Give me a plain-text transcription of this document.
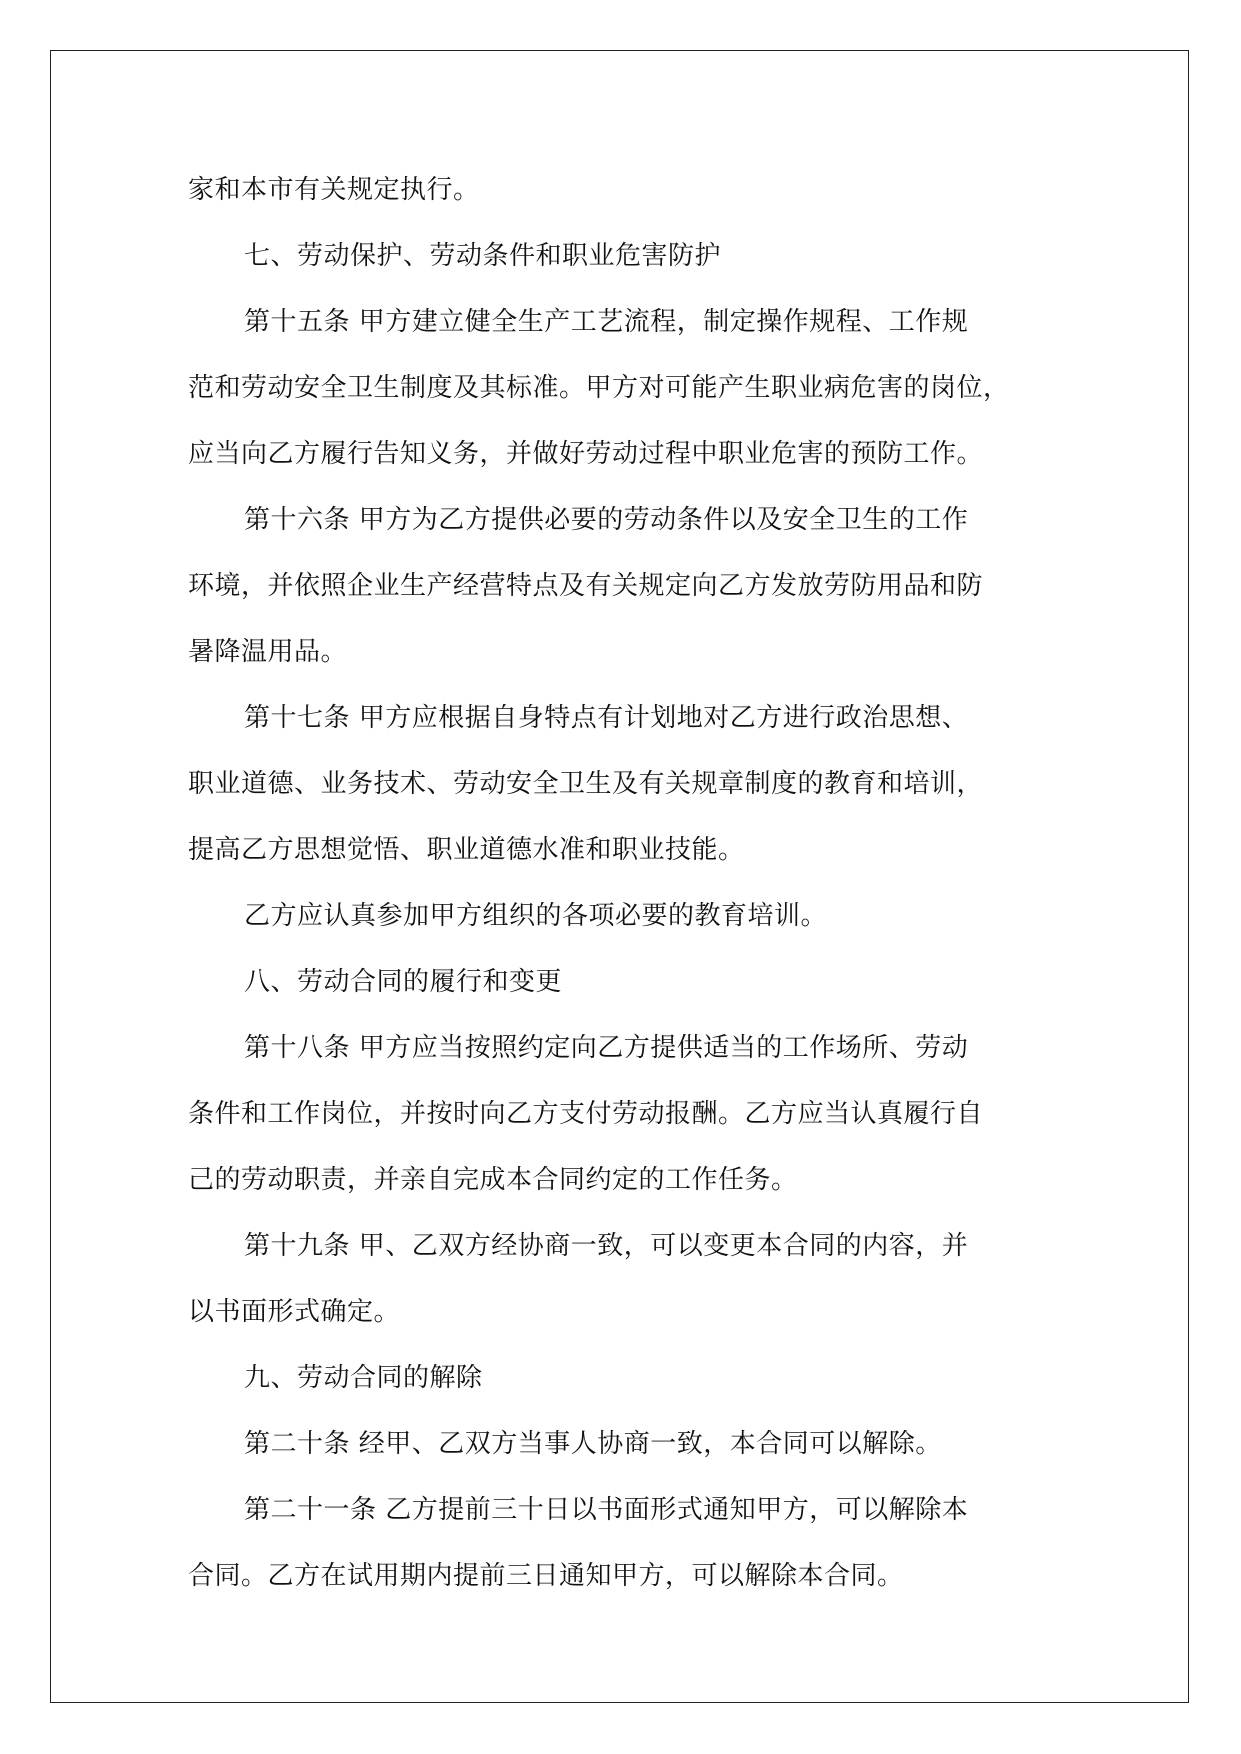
家和本市有关规定执行。
七、劳动保护、劳动条件和职业危害防护
第十五条 甲方建立健全生产工艺流程，制定操作规程、工作规
范和劳动安全卫生制度及其标准。甲方对可能产生职业病危害的岗位，
应当向乙方履行告知义务，并做好劳动过程中职业危害的预防工作。
第十六条 甲方为乙方提供必要的劳动条件以及安全卫生的工作
环境，并依照企业生产经营特点及有关规定向乙方发放劳防用品和防
暑降温用品。
第十七条 甲方应根据自身特点有计划地对乙方进行政治思想、
职业道德、业务技术、劳动安全卫生及有关规章制度的教育和培训，
提高乙方思想觉悟、职业道德水准和职业技能。
乙方应认真参加甲方组织的各项必要的教育培训。
八、劳动合同的履行和变更
第十八条 甲方应当按照约定向乙方提供适当的工作场所、劳动
条件和工作岗位，并按时向乙方支付劳动报酬。乙方应当认真履行自
己的劳动职责，并亲自完成本合同约定的工作任务。
第十九条 甲、乙双方经协商一致，可以变更本合同的内容，并
以书面形式确定。
九、劳动合同的解除
第二十条 经甲、乙双方当事人协商一致，本合同可以解除。
第二十一条 乙方提前三十日以书面形式通知甲方，可以解除本
合同。乙方在试用期内提前三日通知甲方，可以解除本合同。
